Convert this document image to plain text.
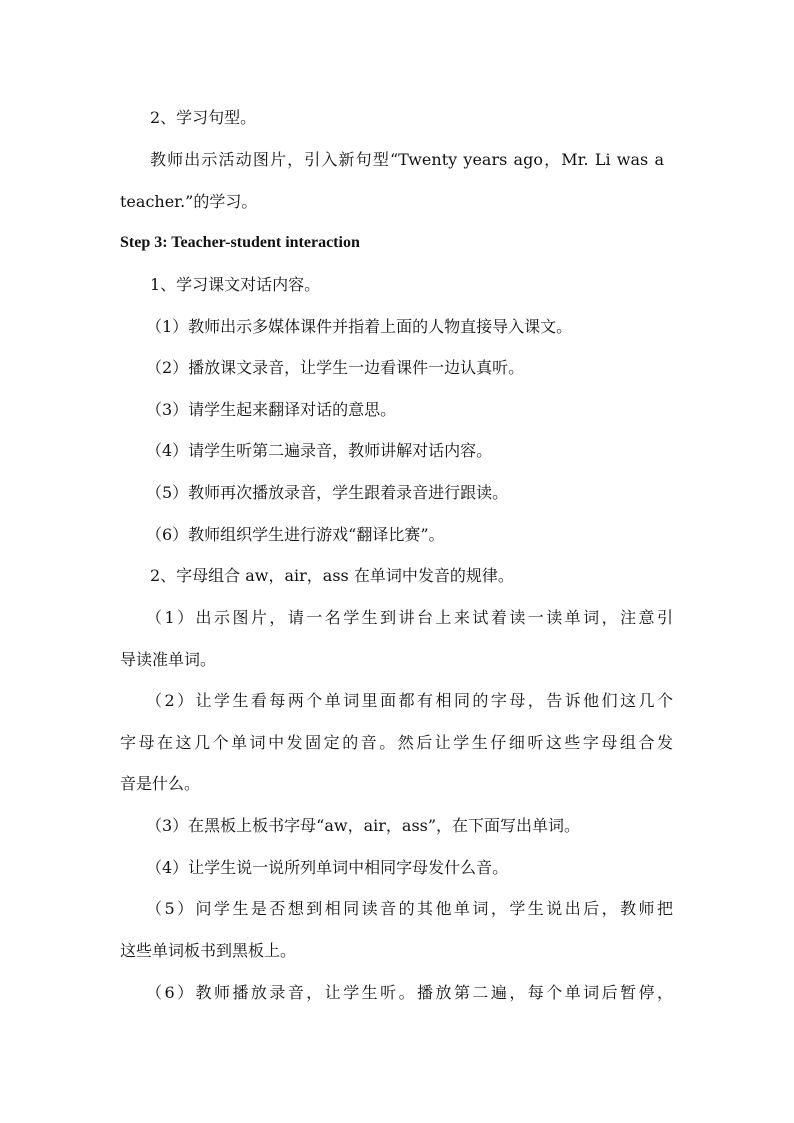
2、学习句型。
教师出示活动图片，引入新句型“Twenty years ago，Mr. Li was a
teacher.”的学习。
Step 3: Teacher-student interaction
1、学习课文对话内容。
（1）教师出示多媒体课件并指着上面的人物直接导入课文。
（2）播放课文录音，让学生一边看课件一边认真听。
（3）请学生起来翻译对话的意思。
（4）请学生听第二遍录音，教师讲解对话内容。
（5）教师再次播放录音，学生跟着录音进行跟读。
（6）教师组织学生进行游戏“翻译比赛”。
2、字母组合 aw，air，ass 在单词中发音的规律。
（1）出示图片，请一名学生到讲台上来试着读一读单词，注意引
导读准单词。
（2）让学生看每两个单词里面都有相同的字母，告诉他们这几个
字母在这几个单词中发固定的音。然后让学生仔细听这些字母组合发
音是什么。
（3）在黑板上板书字母“aw，air，ass”，在下面写出单词。
（4）让学生说一说所列单词中相同字母发什么音。
（5）问学生是否想到相同读音的其他单词，学生说出后，教师把
这些单词板书到黑板上。
（6）教师播放录音，让学生听。播放第二遍，每个单词后暂停，
